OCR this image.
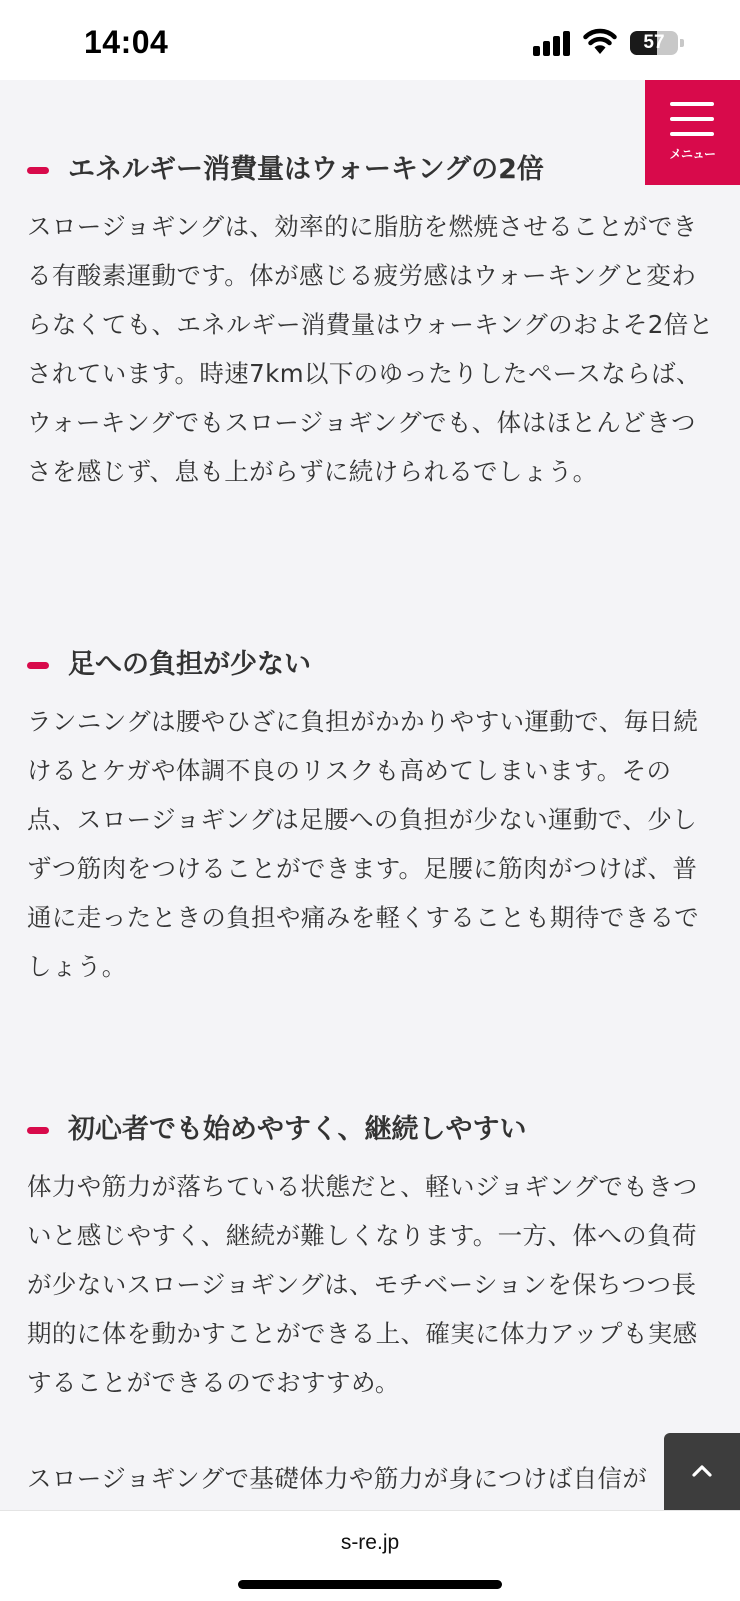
14:04	57
エネルギー消費量はウォーキングの2倍

スロージョギングは、効率的に脂肪を燃焼させることができる有酸素運動です。体が感じる疲労感はウォーキングと変わらなくても、エネルギー消費量はウォーキングのおよそ2倍とされています。時速7km以下のゆったりしたペースならば、ウォーキングでもスロージョギングでも、体はほとんどきつさを感じず、息も上がらずに続けられるでしょう。

足への負担が少ない

ランニングは腰やひざに負担がかかりやすい運動で、毎日続けるとケガや体調不良のリスクも高めてしまいます。その点、スロージョギングは足腰への負担が少ない運動で、少しずつ筋肉をつけることができます。足腰に筋肉がつけば、普通に走ったときの負担や痛みを軽くすることも期待できるでしょう。

初心者でも始めやすく、継続しやすい

体力や筋力が落ちている状態だと、軽いジョギングでもきついと感じやすく、継続が難しくなります。一方、体への負荷が少ないスロージョギングは、モチベーションを保ちつつ長期的に体を動かすことができる上、確実に体力アップも実感することができるのでおすすめ。

スロージョギングで基礎体力や筋力が身につけば自信が

メニュー
s-re.jp
